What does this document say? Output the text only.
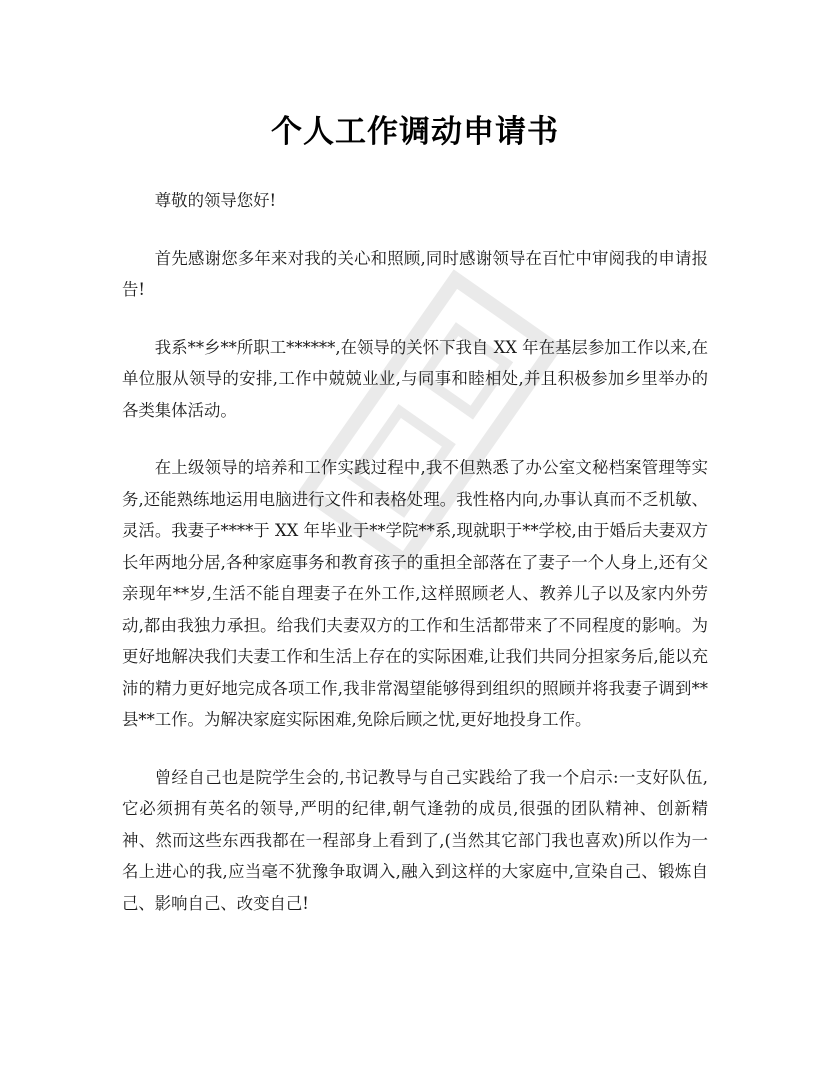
个人工作调动申请书

尊敬的领导您好!

首先感谢您多年来对我的关心和照顾,同时感谢领导在百忙中审阅我的申请报告!

我系**乡**所职工******,在领导的关怀下我自 XX 年在基层参加工作以来,在单位服从领导的安排,工作中兢兢业业,与同事和睦相处,并且积极参加乡里举办的各类集体活动。

在上级领导的培养和工作实践过程中,我不但熟悉了办公室文秘档案管理等实务,还能熟练地运用电脑进行文件和表格处理。我性格内向,办事认真而不乏机敏、灵活。我妻子****于 XX 年毕业于**学院**系,现就职于**学校,由于婚后夫妻双方长年两地分居,各种家庭事务和教育孩子的重担全部落在了妻子一个人身上,还有父亲现年**岁,生活不能自理妻子在外工作,这样照顾老人、教养儿子以及家内外劳动,都由我独力承担。给我们夫妻双方的工作和生活都带来了不同程度的影响。为更好地解决我们夫妻工作和生活上存在的实际困难,让我们共同分担家务后,能以充沛的精力更好地完成各项工作,我非常渴望能够得到组织的照顾并将我妻子调到**县**工作。为解决家庭实际困难,免除后顾之忧,更好地投身工作。

曾经自己也是院学生会的,书记教导与自己实践给了我一个启示:一支好队伍,它必须拥有英名的领导,严明的纪律,朝气逢勃的成员,很强的团队精神、创新精神、然而这些东西我都在一程部身上看到了,(当然其它部门我也喜欢)所以作为一名上进心的我,应当毫不犹豫争取调入,融入到这样的大家庭中,宣染自己、锻炼自己、影响自己、改变自己!
